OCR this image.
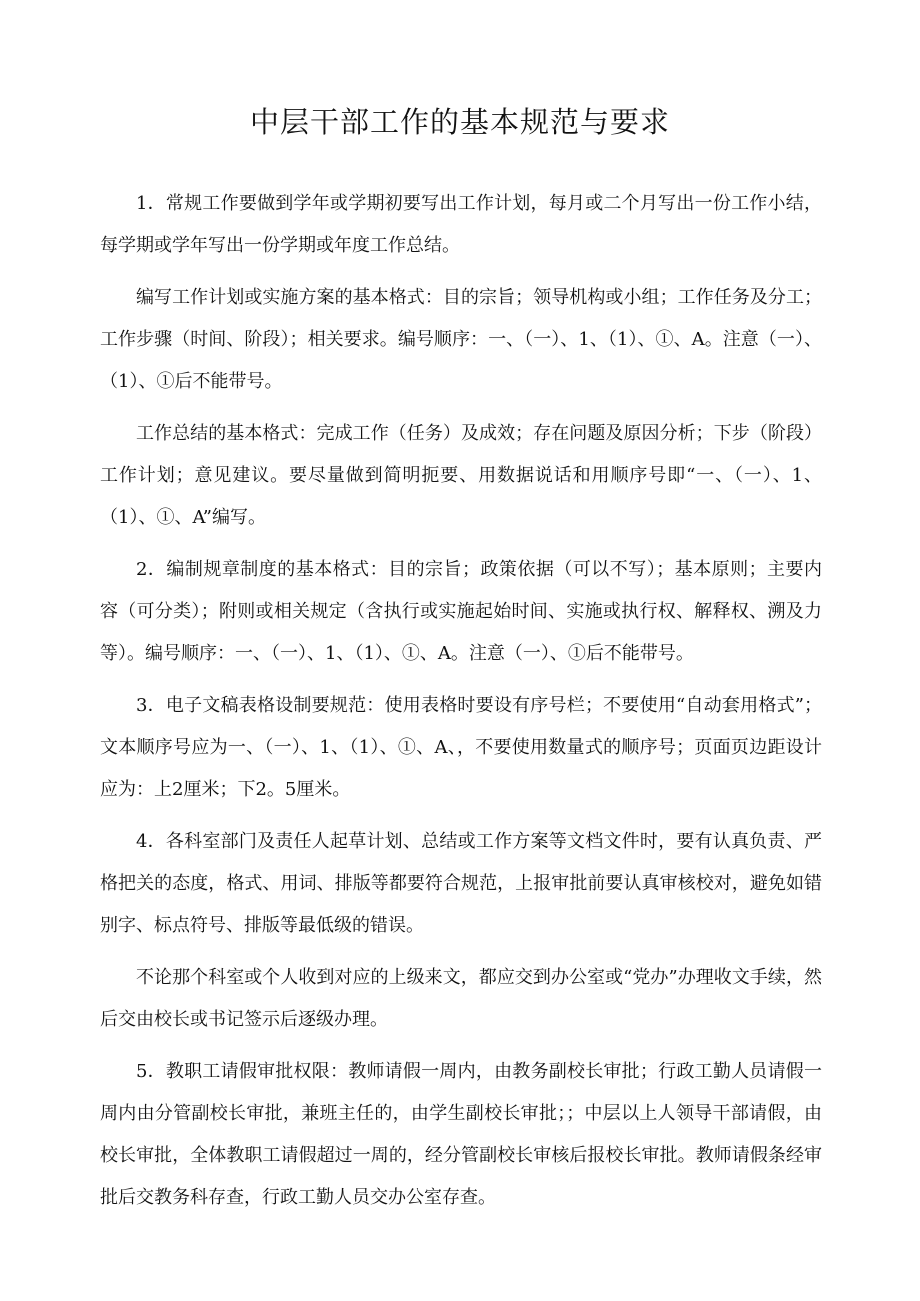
中层干部工作的基本规范与要求

1．常规工作要做到学年或学期初要写出工作计划，每月或二个月写出一份工作小结，每学期或学年写出一份学期或年度工作总结。

编写工作计划或实施方案的基本格式：目的宗旨；领导机构或小组；工作任务及分工；工作步骤（时间、阶段）；相关要求。编号顺序：一、（一）、1、（1）、①、A。注意（一）、（1）、①后不能带号。

工作总结的基本格式：完成工作（任务）及成效；存在问题及原因分析；下步（阶段）工作计划；意见建议。要尽量做到简明扼要、用数据说话和用顺序号即“一、（一）、1、（1）、①、A”编写。

2．编制规章制度的基本格式：目的宗旨；政策依据（可以不写）；基本原则；主要内容（可分类）；附则或相关规定（含执行或实施起始时间、实施或执行权、解释权、溯及力等）。编号顺序：一、（一）、1、（1）、①、A。注意（一）、①后不能带号。

3．电子文稿表格设制要规范：使用表格时要设有序号栏；不要使用“自动套用格式”；文本顺序号应为一、（一）、1、（1）、①、A、，不要使用数量式的顺序号；页面页边距设计应为：上2厘米；下2。5厘米。

4．各科室部门及责任人起草计划、总结或工作方案等文档文件时，要有认真负责、严格把关的态度，格式、用词、排版等都要符合规范，上报审批前要认真审核校对，避免如错别字、标点符号、排版等最低级的错误。

不论那个科室或个人收到对应的上级来文，都应交到办公室或“党办”办理收文手续，然后交由校长或书记签示后逐级办理。

5．教职工请假审批权限：教师请假一周内，由教务副校长审批；行政工勤人员请假一周内由分管副校长审批，兼班主任的，由学生副校长审批；；中层以上人领导干部请假，由校长审批，全体教职工请假超过一周的，经分管副校长审核后报校长审批。教师请假条经审批后交教务科存查，行政工勤人员交办公室存查。
